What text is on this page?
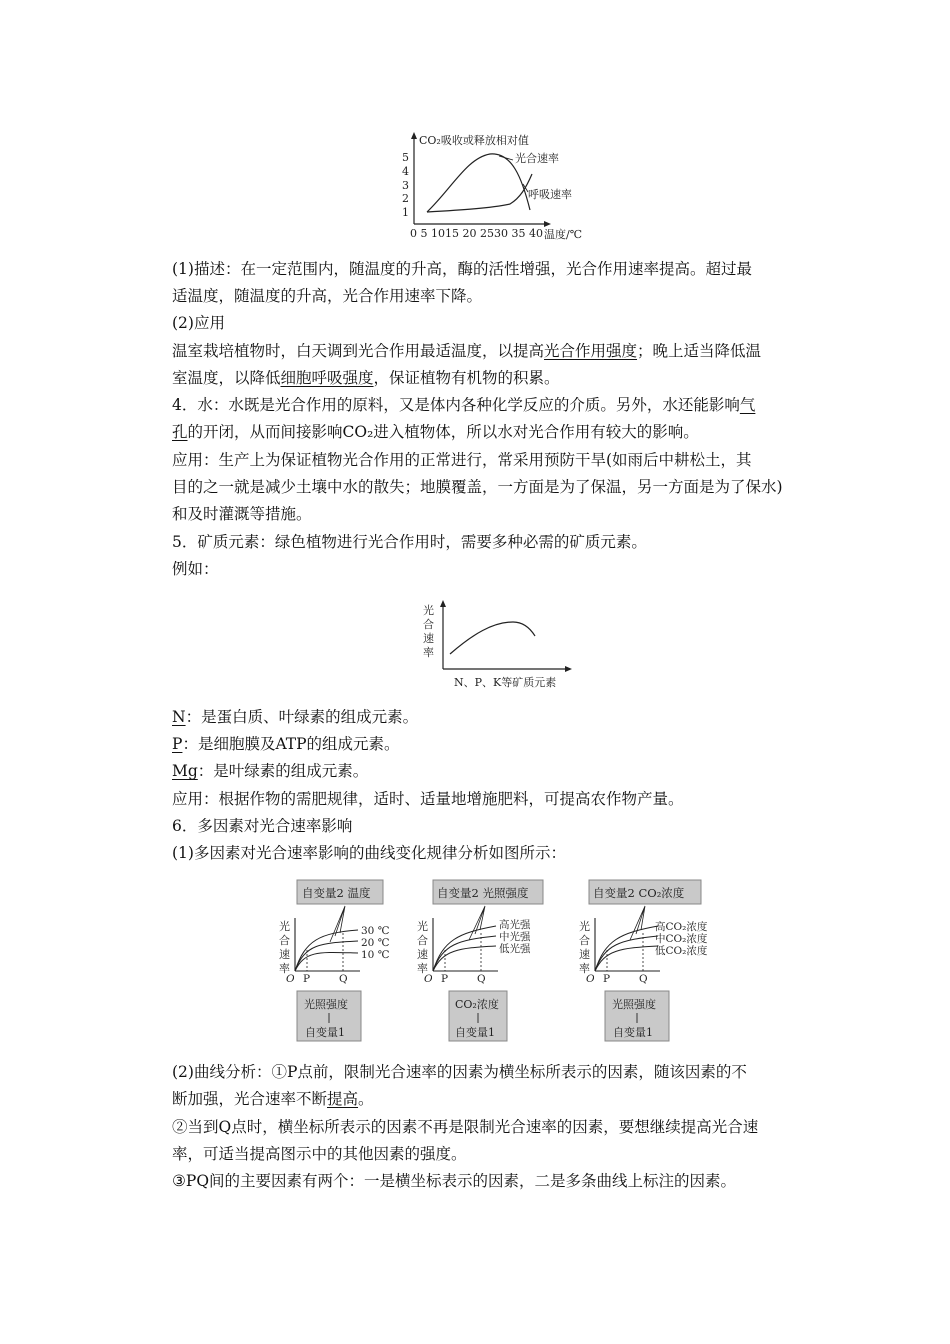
CO₂吸收或释放相对值
5
4
3
2
1
0 5 1015 20 2530 35 40 温度/℃
光合速率
呼吸速率

(1)描述：在一定范围内，随温度的升高，酶的活性增强，光合作用速率提高。超过最

适温度，随温度的升高，光合作用速率下降。

(2)应用

温室栽培植物时，白天调到光合作用最适温度，以提高光合作用强度；晚上适当降低温

室温度，以降低细胞呼吸强度，保证植物有机物的积累。

4．水：水既是光合作用的原料，又是体内各种化学反应的介质。另外，水还能影响气

孔的开闭，从而间接影响CO₂进入植物体，所以水对光合作用有较大的影响。

应用：生产上为保证植物光合作用的正常进行，常采用预防干旱(如雨后中耕松土，其

目的之一就是减少土壤中水的散失；地膜覆盖，一方面是为了保温，另一方面是为了保水)

和及时灌溉等措施。

5．矿质元素：绿色植物进行光合作用时，需要多种必需的矿质元素。

例如：

光
合
速
率
N、P、K等矿质元素

N：是蛋白质、叶绿素的组成元素。

P：是细胞膜及ATP的组成元素。

Mg：是叶绿素的组成元素。

应用：根据作物的需肥规律，适时、适量地增施肥料，可提高农作物产量。

6．多因素对光合速率影响

(1)多因素对光合速率影响的曲线变化规律分析如图所示：

自变量2 温度
光
合
速
率
30 ℃
20 ℃
10 ℃
O P	Q
光照强度
自变量1
自变量2 光照强度
光
合
速
率
高光强
中光强
低光强
O P	Q
CO₂浓度
自变量1
自变量2 CO₂浓度
光
合
速
率
高CO₂浓度
中CO₂浓度
低CO₂浓度
O P	Q
光照强度
自变量1

(2)曲线分析：①P点前，限制光合速率的因素为横坐标所表示的因素，随该因素的不

断加强，光合速率不断提高。

②当到Q点时，横坐标所表示的因素不再是限制光合速率的因素，要想继续提高光合速

率，可适当提高图示中的其他因素的强度。

③PQ间的主要因素有两个：一是横坐标表示的因素，二是多条曲线上标注的因素。
